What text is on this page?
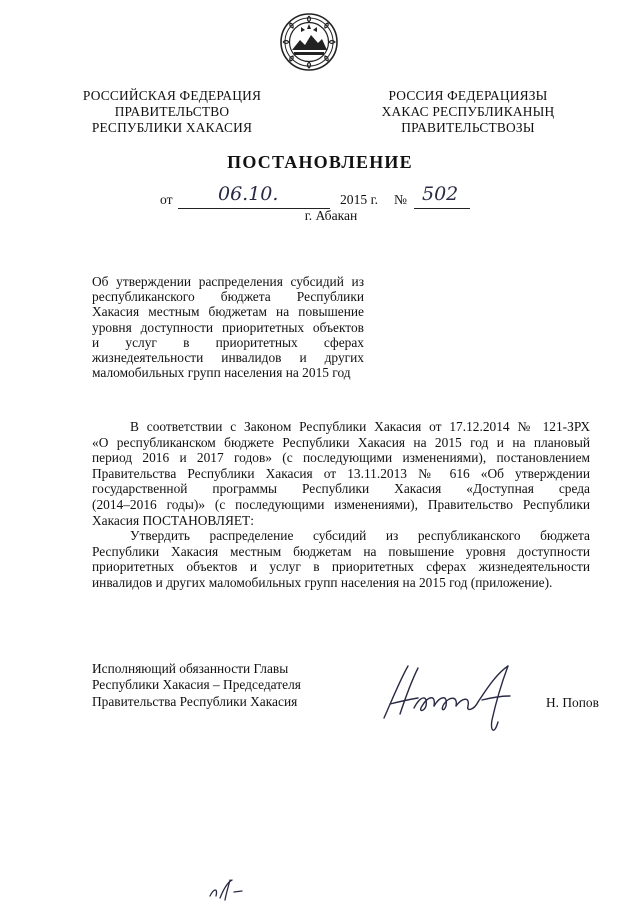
РОССИЙСКАЯ ФЕДЕРАЦИЯ
ПРАВИТЕЛЬСТВО
РЕСПУБЛИКИ ХАКАСИЯ
РОССИЯ ФЕДЕРАЦИЯЗЫ
ХАКАС РЕСПУБЛИКАНЫҢ
ПРАВИТЕЛЬСТВОЗЫ
ПОСТАНОВЛЕНИЕ
от 06.10.	2015 г. № 502
г. Абакан
Об утверждении распределения субсидий из
республиканского бюджета Республики
Хакасия местным бюджетам на повышение
уровня доступности приоритетных объектов
и услуг в приоритетных сферах
жизнедеятельности инвалидов и других
маломобильных групп населения на 2015 год
В соответствии с Законом Республики Хакасия от 17.12.2014 № 121-ЗРХ
«О республиканском бюджете Республики Хакасия на 2015 год и на плановый
период 2016 и 2017 годов» (с последующими изменениями), постановлением
Правительства Республики Хакасия от 13.11.2013 № 616 «Об утверждении
государственной программы Республики Хакасия «Доступная среда
(2014–2016 годы)» (с последующими изменениями), Правительство Республики
Хакасия ПОСТАНОВЛЯЕТ:
Утвердить распределение субсидий из республиканского бюджета
Республики Хакасия местным бюджетам на повышение уровня доступности
приоритетных объектов и услуг в приоритетных сферах жизнедеятельности
инвалидов и других маломобильных групп населения на 2015 год (приложение).
Исполняющий обязанности Главы
Республики Хакасия – Председателя
Правительства Республики Хакасия	Н. Попов
